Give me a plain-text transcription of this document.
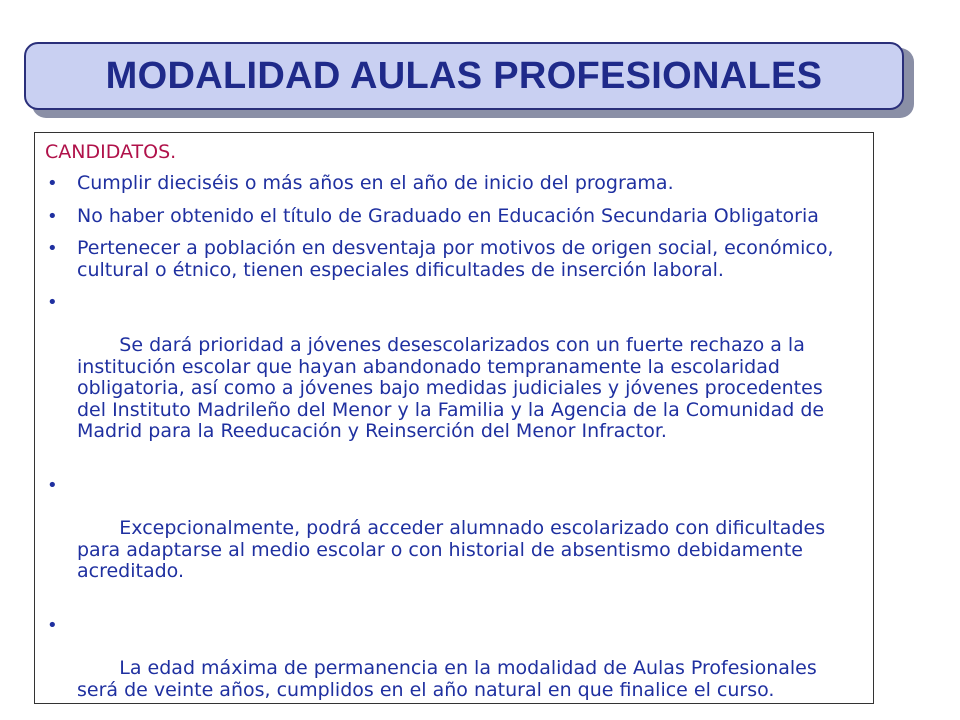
MODALIDAD AULAS PROFESIONALES
CANDIDATOS.
• Cumplir dieciséis o más años en el año de inicio del programa.
• No haber obtenido el título de Graduado en Educación Secundaria Obligatoria
• Pertenecer a población en desventaja por motivos de origen social, económico, cultural o étnico, tienen especiales dificultades de inserción laboral.

•

Se dará prioridad a jóvenes desescolarizados con un fuerte rechazo a la institución escolar que hayan abandonado tempranamente la escolaridad obligatoria, así como a jóvenes bajo medidas judiciales y jóvenes procedentes del Instituto Madrileño del Menor y la Familia y la Agencia de la Comunidad de Madrid para la Reeducación y Reinserción del Menor Infractor.

•

Excepcionalmente, podrá acceder alumnado escolarizado con dificultades para adaptarse al medio escolar o con historial de absentismo debidamente acreditado.

•

La edad máxima de permanencia en la modalidad de Aulas Profesionales será de veinte años, cumplidos en el año natural en que finalice el curso.
